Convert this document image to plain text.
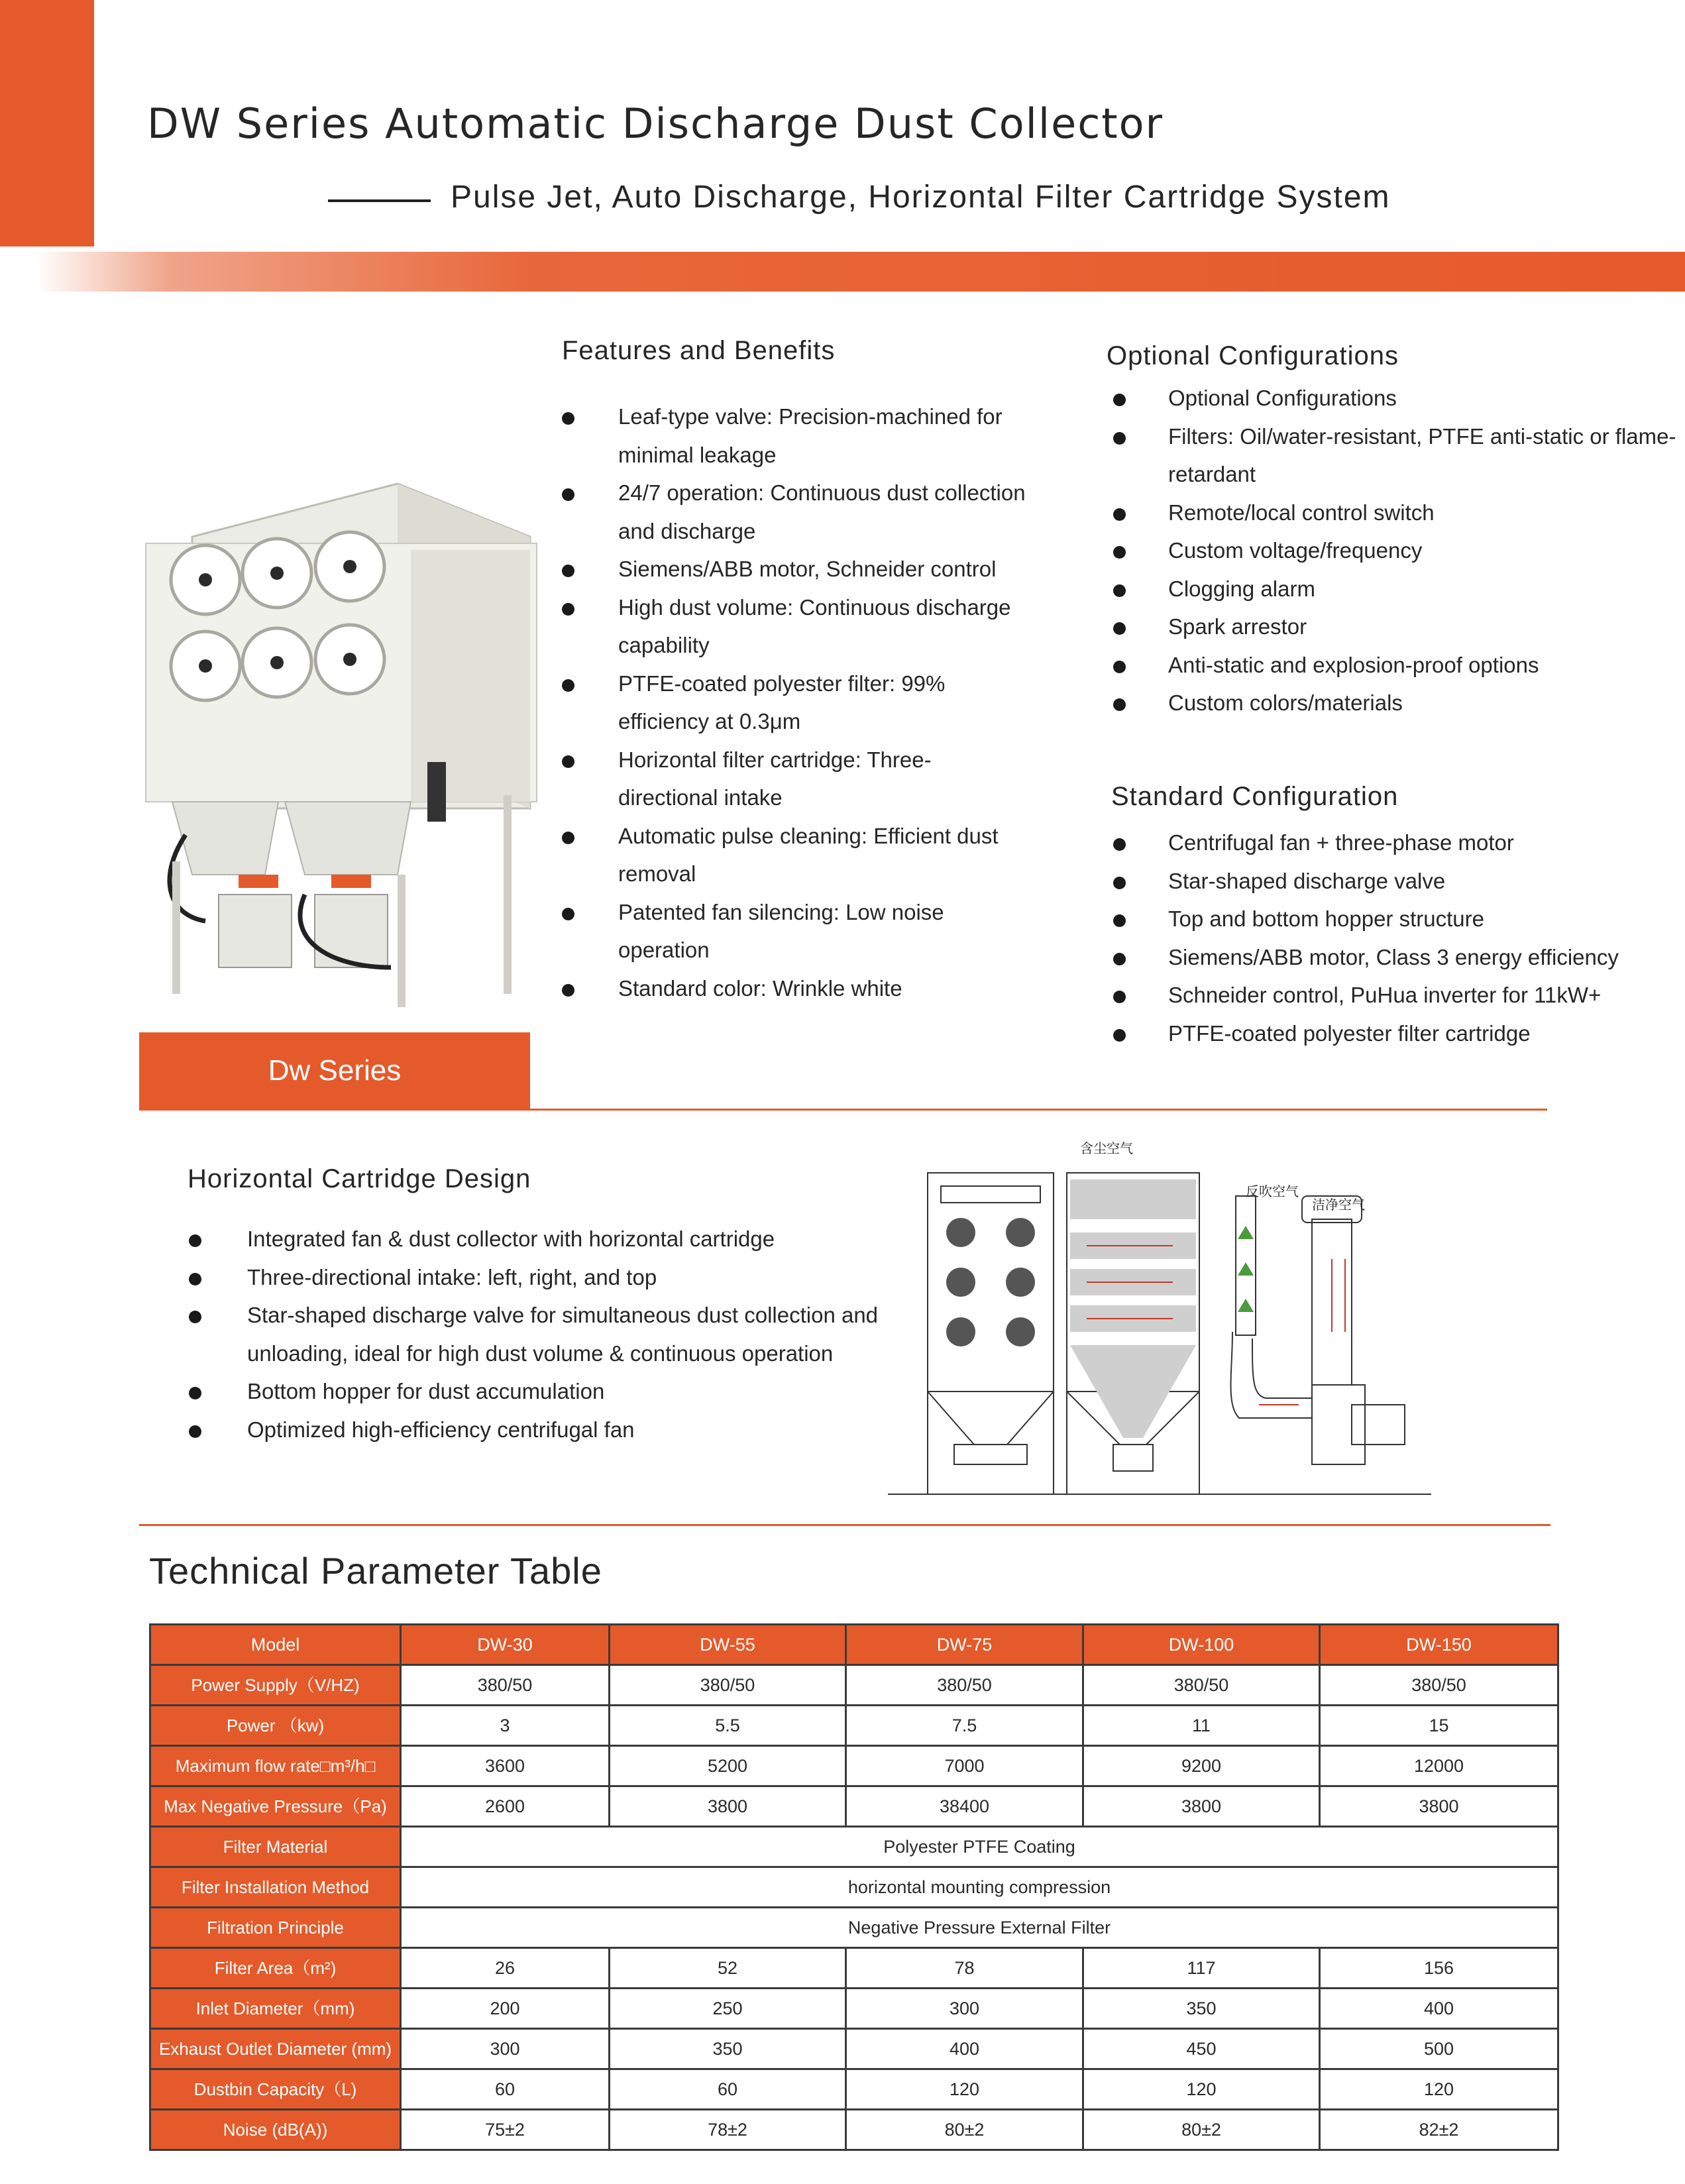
DW Series Automatic Discharge Dust Collector
Pulse Jet, Auto Discharge, Horizontal Filter Cartridge System
Dw Series
Features and Benefits
Leaf-type valve: Precision-machined for minimal leakage
24/7 operation: Continuous dust collection and discharge
Siemens/ABB motor, Schneider control
High dust volume: Continuous discharge capability
PTFE-coated polyester filter: 99% efficiency at 0.3μm
Horizontal filter cartridge: Three-directional intake
Automatic pulse cleaning: Efficient dust removal
Patented fan silencing: Low noise operation
Standard color: Wrinkle white
Optional Configurations
Optional Configurations
Filters: Oil/water-resistant, PTFE anti-static or flame-retardant
Remote/local control switch
Custom voltage/frequency
Clogging alarm
Spark arrestor
Anti-static and explosion-proof options
Custom colors/materials
Standard Configuration
Centrifugal fan + three-phase motor
Star-shaped discharge valve
Top and bottom hopper structure
Siemens/ABB motor, Class 3 energy efficiency
Schneider control, PuHua inverter for 11kW+
PTFE-coated polyester filter cartridge
Horizontal Cartridge Design
Integrated fan & dust collector with horizontal cartridge
Three-directional intake: left, right, and top
Star-shaped discharge valve for simultaneous dust collection and unloading, ideal for high dust volume & continuous operation
Bottom hopper for dust accumulation
Optimized high-efficiency centrifugal fan
含尘空气
反吹空气
洁净空气
Technical Parameter Table
Model	DW-30	DW-55	DW-75	DW-100	DW-150
Power Supply（V/HZ)	380/50	380/50	380/50	380/50	380/50
Power （kw)	3	5.5	7.5	11	15
Maximum flow rate□m³/h□	3600	5200	7000	9200	12000
Max Negative Pressure（Pa)	2600	3800	38400	3800	3800
Filter Material	Polyester PTFE Coating				
Filter Installation Method	horizontal mounting compression				
Filtration Principle	Negative Pressure External Filter				
Filter Area（m²)	26	52	78	117	156
Inlet Diameter（mm)	200	250	300	350	400
Exhaust Outlet Diameter (mm)	300	350	400	450	500
Dustbin Capacity（L)	60	60	120	120	120
Noise (dB(A))	75±2	78±2	80±2	80±2	82±2
